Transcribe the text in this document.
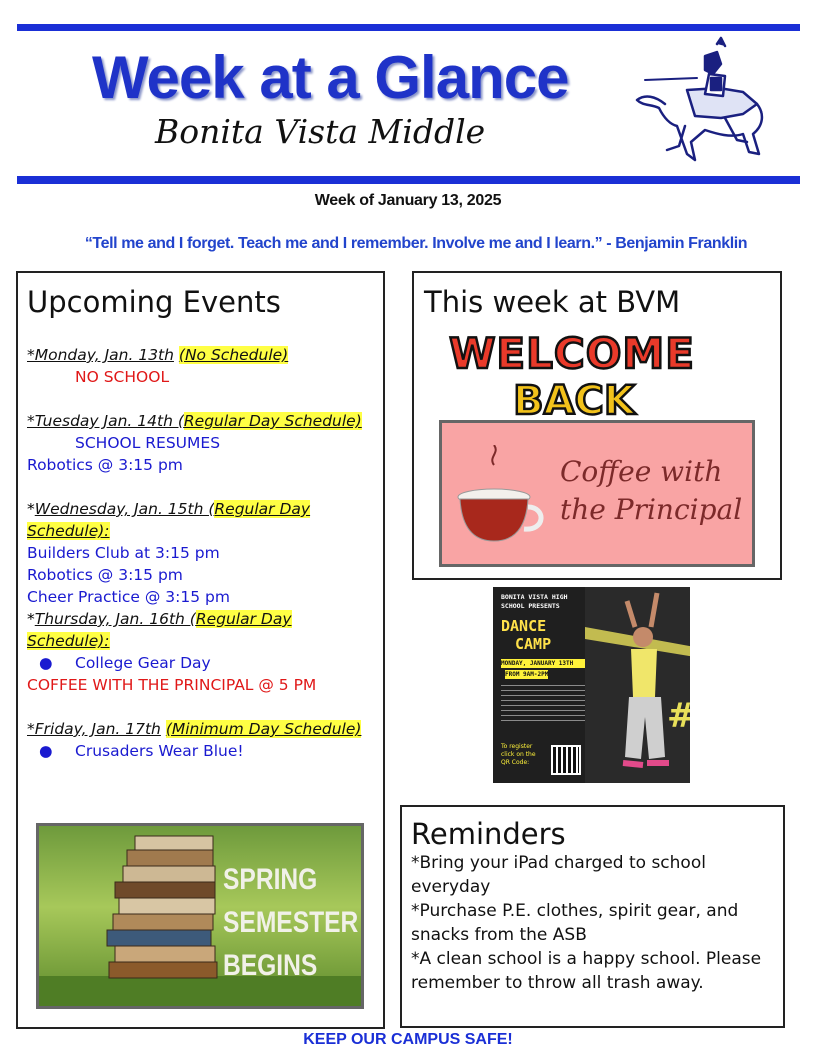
Week at a Glance
Bonita Vista Middle
Week of January 13, 2025
“Tell me and I forget. Teach me and I remember. Involve me and I learn.” - Benjamin Franklin
Upcoming Events
*Monday, Jan. 13th (No Schedule)
NO SCHOOL

*Tuesday Jan. 14th (Regular Day Schedule)
SCHOOL RESUMES
Robotics @ 3:15 pm

*Wednesday, Jan. 15th (Regular Day Schedule):
Builders Club at 3:15 pm
Robotics @ 3:15 pm
Cheer Practice @ 3:15 pm
*Thursday, Jan. 16th (Regular Day Schedule):
● College Gear Day
COFFEE WITH THE PRINCIPAL @ 5 PM

*Friday, Jan. 17th (Minimum Day Schedule)
● Crusaders Wear Blue!
SPRING
SEMESTER
BEGINS
This week at BVM
WELCOME
BACK
Coffee with
the Principal
BONITA VISTA HIGH SCHOOL PRESENTS
DANCE
CAMP
MONDAY, JANUARY 13TH
FROM 9AM-2PM
To register click on the QR Code:
#
Reminders
*Bring your iPad charged to school everyday
*Purchase P.E. clothes, spirit gear, and snacks from the ASB
*A clean school is a happy school. Please remember to throw all trash away.
KEEP OUR CAMPUS SAFE!
